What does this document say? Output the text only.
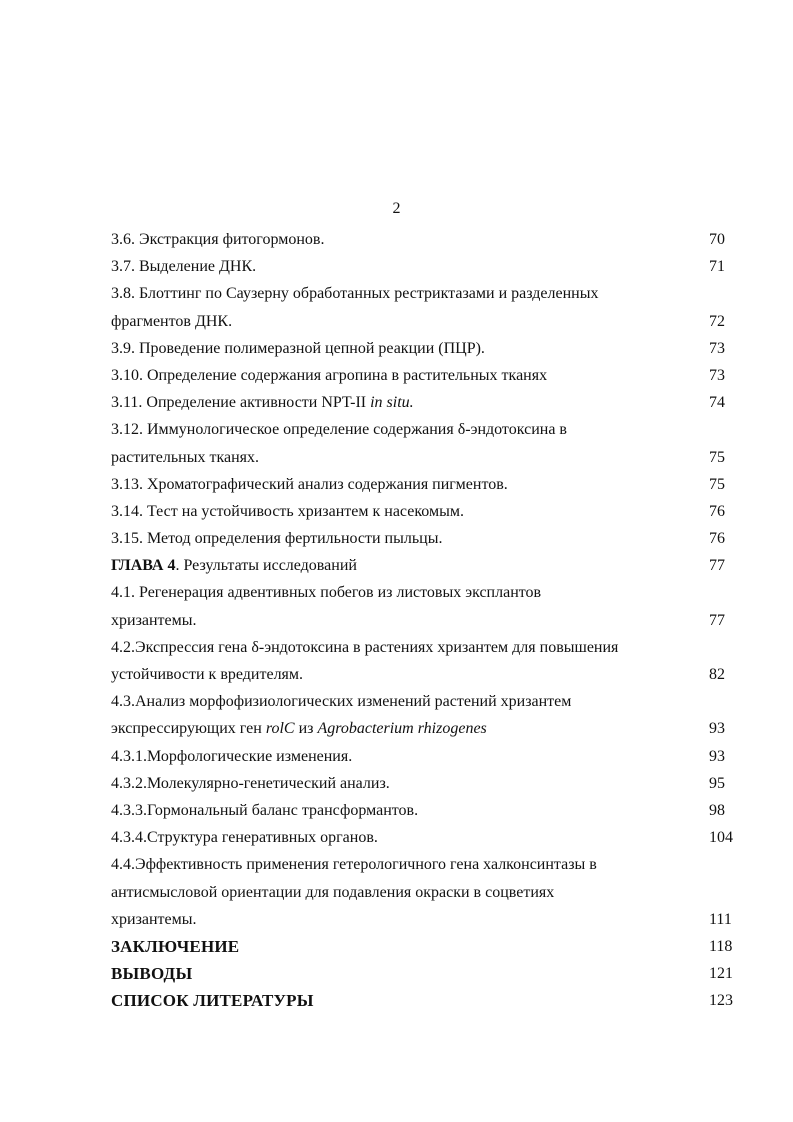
2
3.6. Экстракция фитогормонов.	70
3.7. Выделение ДНК.	71
3.8. Блоттинг по Саузерну обработанных рестриктазами и разделенных
фрагментов ДНК.	72
3.9. Проведение полимеразной цепной реакции (ПЦР).	73
3.10. Определение содержания агропина в растительных тканях	73
3.11. Определение активности NPT-II in situ.	74
3.12. Иммунологическое определение содержания δ-эндотоксина в
растительных тканях.	75
3.13. Хроматографический анализ содержания пигментов.	75
3.14. Тест на устойчивость хризантем к насекомым.	76
3.15. Метод определения фертильности пыльцы.	76
ГЛАВА 4. Результаты исследований	77
4.1. Регенерация адвентивных побегов из листовых эксплантов
хризантемы.	77
4.2.Экспрессия гена δ-эндотоксина в растениях хризантем для повышения
устойчивости к вредителям.	82
4.3.Анализ морфофизиологических изменений растений хризантем
экспрессирующих ген rolC из Agrobacterium rhizogenes	93
4.3.1.Морфологические изменения.	93
4.3.2.Молекулярно-генетический анализ.	95
4.3.3.Гормональный баланс трансформантов.	98
4.3.4.Структура генеративных органов.	104
4.4.Эффективность применения гетерологичного гена халконсинтазы в
антисмысловой ориентации для подавления окраски в соцветиях
хризантемы.	111
ЗАКЛЮЧЕНИЕ	118
ВЫВОДЫ	121
СПИСОК ЛИТЕРАТУРЫ	123
